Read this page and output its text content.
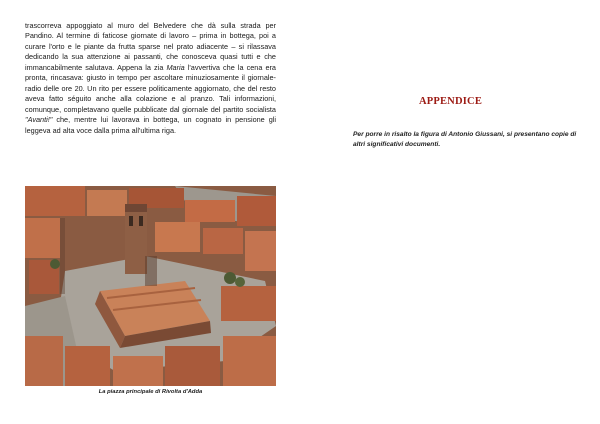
trascorreva appoggiato al muro del Belvedere che dà sulla strada per Pandino. Al termine di faticose giornate di lavoro – prima in bottega, poi a curare l'orto e le piante da frutta sparse nel prato adiacente – si rilassava dedicando la sua attenzione ai passanti, che conosceva quasi tutti e che immancabilmente salutava. Appena la zia Maria l'avvertiva che la cena era pronta, rincasava: giusto in tempo per ascoltare minuziosamente il giornale-radio delle ore 20. Un rito per essere politicamente aggiornato, che del resto aveva fatto séguito anche alla colazione e al pranzo. Tali informazioni, comunque, completavano quelle pubblicate dal giornale del partito socialista "Avanti!" che, mentre lui lavorava in bottega, un cognato in pensione gli leggeva ad alta voce dalla prima all'ultima riga.

La piazza principale di Rivolta d'Adda
APPENDICE
Per porre in risalto la figura di Antonio Giussani, si presentano copie di altri significativi documenti.
